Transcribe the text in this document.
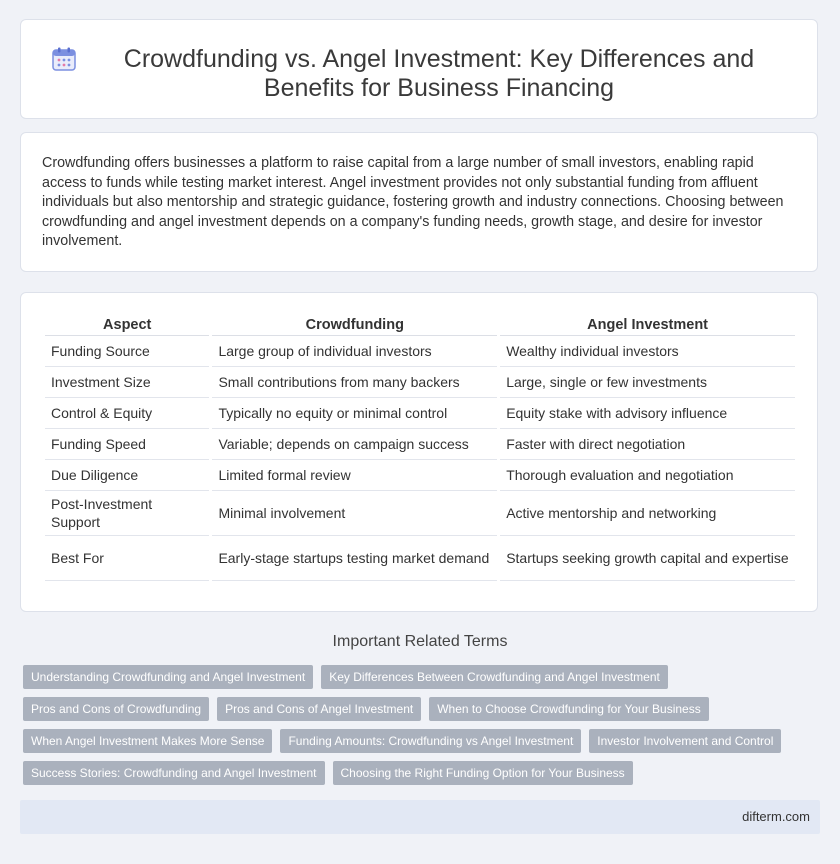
Crowdfunding vs. Angel Investment: Key Differences and Benefits for Business Financing

Crowdfunding offers businesses a platform to raise capital from a large number of small investors, enabling rapid access to funds while testing market interest. Angel investment provides not only substantial funding from affluent individuals but also mentorship and strategic guidance, fostering growth and industry connections. Choosing between crowdfunding and angel investment depends on a company's funding needs, growth stage, and desire for investor involvement.

Aspect	Crowdfunding	Angel Investment
Funding Source	Large group of individual investors	Wealthy individual investors
Investment Size	Small contributions from many backers	Large, single or few investments
Control & Equity	Typically no equity or minimal control	Equity stake with advisory influence
Funding Speed	Variable; depends on campaign success	Faster with direct negotiation
Due Diligence	Limited formal review	Thorough evaluation and negotiation
Post-Investment Support	Minimal involvement	Active mentorship and networking
Best For	Early-stage startups testing market demand	Startups seeking growth capital and expertise
Important Related Terms
Understanding Crowdfunding and Angel Investment	Key Differences Between Crowdfunding and Angel Investment
Pros and Cons of Crowdfunding	Pros and Cons of Angel Investment	When to Choose Crowdfunding for Your Business
When Angel Investment Makes More Sense	Funding Amounts: Crowdfunding vs Angel Investment	Investor Involvement and Control
Success Stories: Crowdfunding and Angel Investment	Choosing the Right Funding Option for Your Business
difterm.com
